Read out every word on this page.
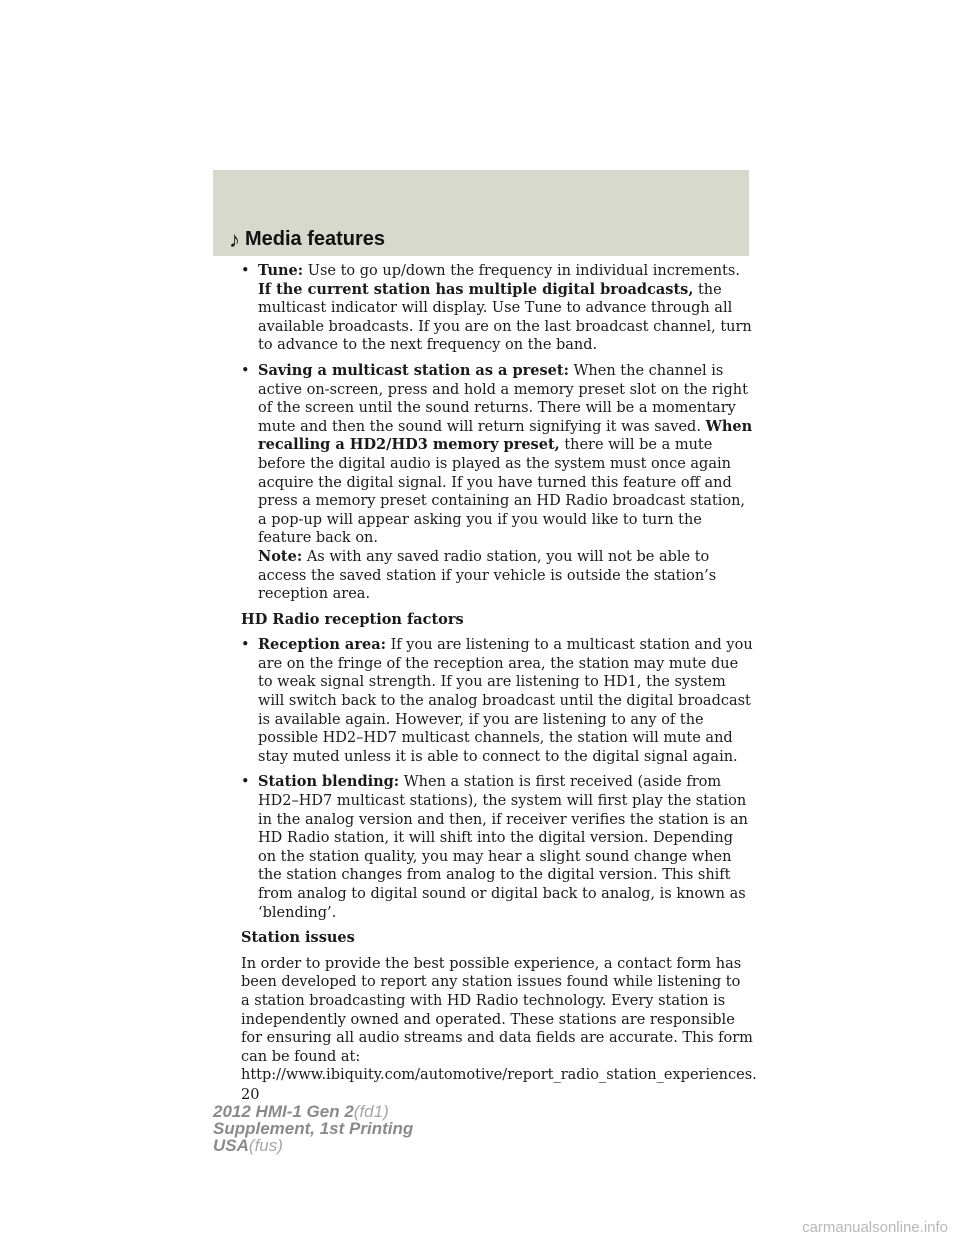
♪ Media features
• Tune: Use to go up/down the frequency in individual increments.
If the current station has multiple digital broadcasts, the multicast indicator will display. Use Tune to advance through all available broadcasts. If you are on the last broadcast channel, turn to advance to the next frequency on the band.
• Saving a multicast station as a preset: When the channel is active on-screen, press and hold a memory preset slot on the right of the screen until the sound returns. There will be a momentary mute and then the sound will return signifying it was saved. When recalling a HD2/HD3 memory preset, there will be a mute before the digital audio is played as the system must once again acquire the digital signal. If you have turned this feature off and press a memory preset containing an HD Radio broadcast station, a pop-up will appear asking you if you would like to turn the feature back on.
Note: As with any saved radio station, you will not be able to access the saved station if your vehicle is outside the station’s reception area.
HD Radio reception factors
• Reception area: If you are listening to a multicast station and you are on the fringe of the reception area, the station may mute due to weak signal strength. If you are listening to HD1, the system will switch back to the analog broadcast until the digital broadcast is available again. However, if you are listening to any of the possible HD2–HD7 multicast channels, the station will mute and stay muted unless it is able to connect to the digital signal again.
• Station blending: When a station is first received (aside from HD2–HD7 multicast stations), the system will first play the station in the analog version and then, if receiver verifies the station is an HD Radio station, it will shift into the digital version. Depending on the station quality, you may hear a slight sound change when the station changes from analog to the digital version. This shift from analog to digital sound or digital back to analog, is known as ‘blending’.
Station issues
In order to provide the best possible experience, a contact form has been developed to report any station issues found while listening to a station broadcasting with HD Radio technology. Every station is independently owned and operated. These stations are responsible for ensuring all audio streams and data fields are accurate. This form can be found at:
http://www.ibiquity.com/automotive/report_radio_station_experiences.
20
2012 HMI-1 Gen 2(fd1)
Supplement, 1st Printing
USA(fus)
carmanualsonline.info
